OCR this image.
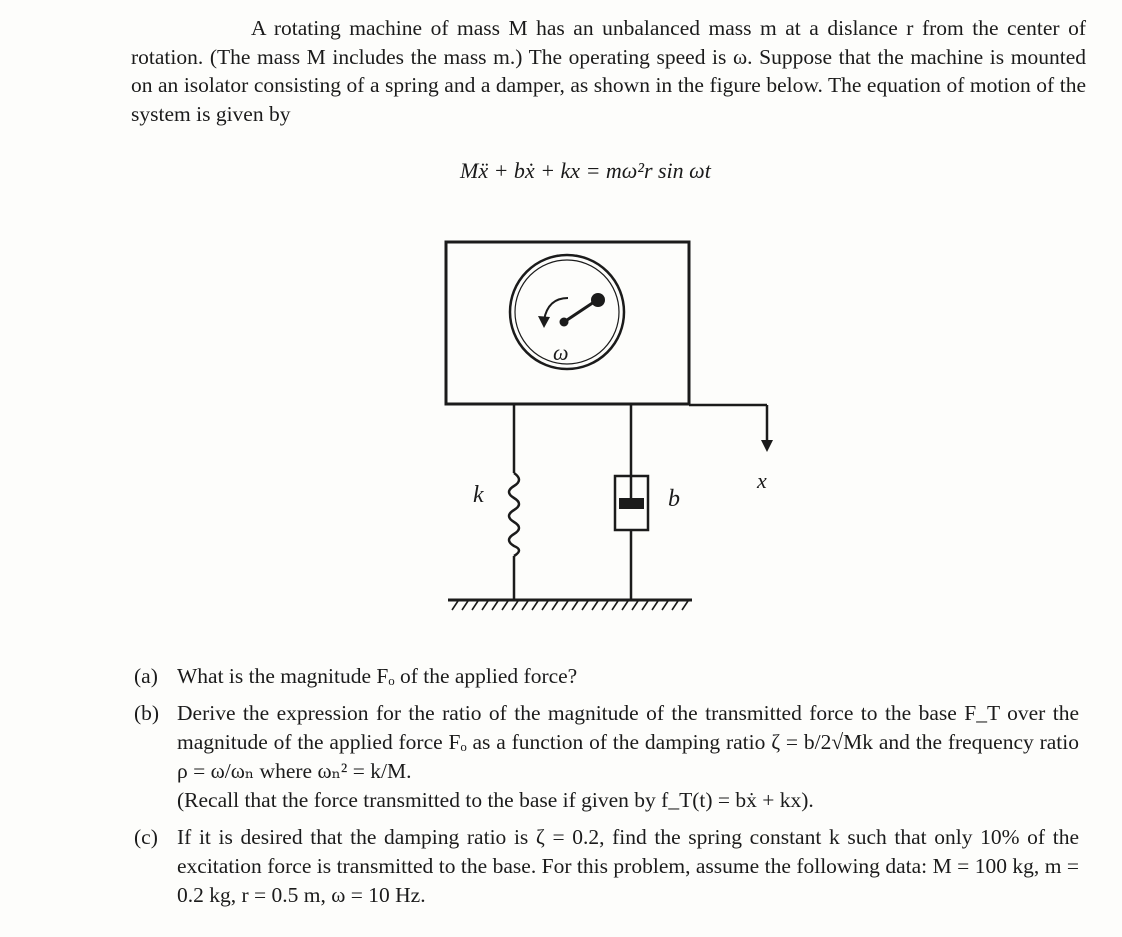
A rotating machine of mass M has an unbalanced mass m at a dislance r from the center of rotation. (The mass M includes the mass m.) The operating speed is ω. Suppose that the machine is mounted on an isolator consisting of a spring and a damper, as shown in the figure below. The equation of motion of the system is given by

Mẍ + bẋ + kx = mω²r sin ωt
ω
k	b
x
(a) What is the magnitude Fₒ of the applied force?
(b) Derive the expression for the ratio of the magnitude of the transmitted force to the base F_T over the magnitude of the applied force Fₒ as a function of the damping ratio ζ = b/2√Mk and the frequency ratio ρ = ω/ωₙ where ωₙ² = k/M.
(Recall that the force transmitted to the base if given by f_T(t) = bẋ + kx).
(c) If it is desired that the damping ratio is ζ = 0.2, find the spring constant k such that only 10% of the excitation force is transmitted to the base. For this problem, assume the following data: M = 100 kg, m = 0.2 kg, r = 0.5 m, ω = 10 Hz.
